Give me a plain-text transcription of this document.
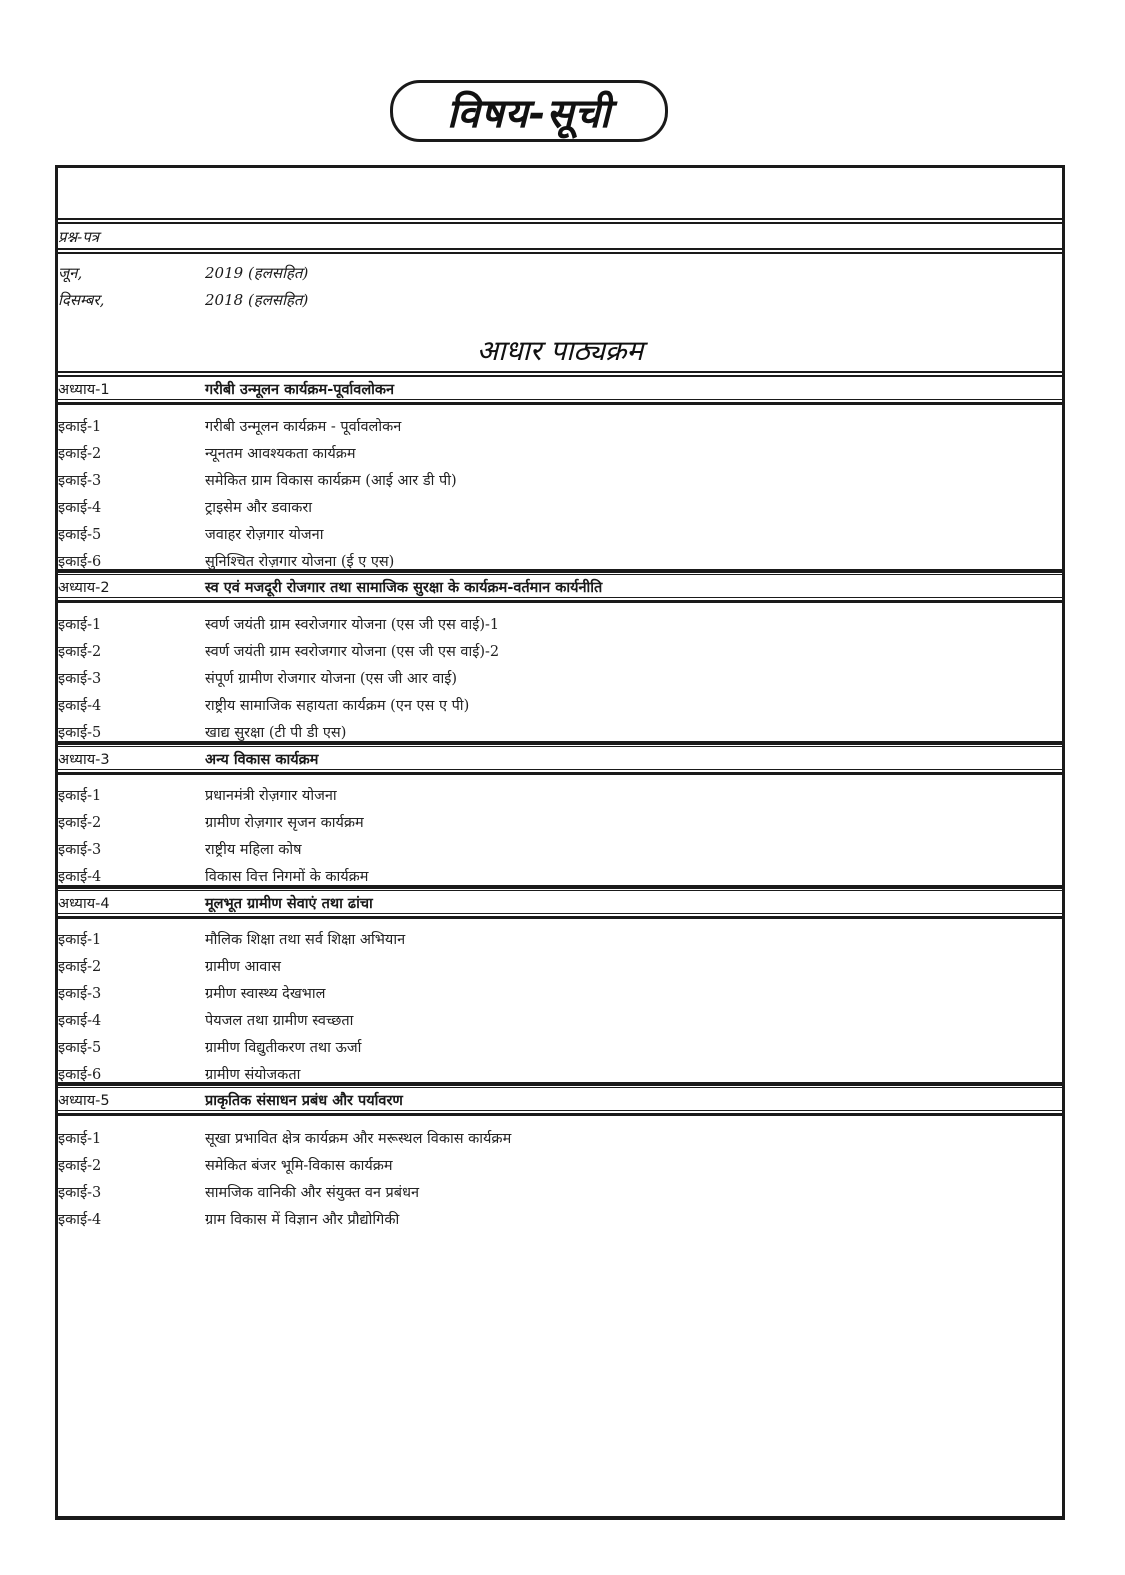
विषय-सूची
प्रश्न-पत्र
जून,	2019 (हलसहित)
दिसम्बर,	2018 (हलसहित)
आधार पाठ्यक्रम
अध्याय-1	गरीबी उन्मूलन कार्यक्रम-पूर्वावलोकन
इकाई-1	गरीबी उन्मूलन कार्यक्रम - पूर्वावलोकन
इकाई-2	न्यूनतम आवश्यकता कार्यक्रम
इकाई-3	समेकित ग्राम विकास कार्यक्रम (आई आर डी पी)
इकाई-4	ट्राइसेम और डवाकरा
इकाई-5	जवाहर रोज़गार योजना
इकाई-6	सुनिश्चित रोज़गार योजना (ई ए एस)
अध्याय-2	स्व एवं मजदूरी रोजगार तथा सामाजिक सुरक्षा के कार्यक्रम-वर्तमान कार्यनीति
इकाई-1	स्वर्ण जयंती ग्राम स्वरोजगार योजना (एस जी एस वाई)-1
इकाई-2	स्वर्ण जयंती ग्राम स्वरोजगार योजना (एस जी एस वाई)-2
इकाई-3	संपूर्ण ग्रामीण रोजगार योजना (एस जी आर वाई)
इकाई-4	राष्ट्रीय सामाजिक सहायता कार्यक्रम (एन एस ए पी)
इकाई-5	खाद्य सुरक्षा (टी पी डी एस)
अध्याय-3	अन्य विकास कार्यक्रम
इकाई-1	प्रधानमंत्री रोज़गार योजना
इकाई-2	ग्रामीण रोज़गार सृजन कार्यक्रम
इकाई-3	राष्ट्रीय महिला कोष
इकाई-4	विकास वित्त निगमों के कार्यक्रम
अध्याय-4	मूलभूत ग्रामीण सेवाएं तथा ढांचा
इकाई-1	मौलिक शिक्षा तथा सर्व शिक्षा अभियान
इकाई-2	ग्रामीण आवास
इकाई-3	ग्रमीण स्वास्थ्य देखभाल
इकाई-4	पेयजल तथा ग्रामीण स्वच्छता
इकाई-5	ग्रामीण विद्युतीकरण तथा ऊर्जा
इकाई-6	ग्रामीण संयोजकता
अध्याय-5	प्राकृतिक संसाधन प्रबंध और पर्यावरण
इकाई-1	सूखा प्रभावित क्षेत्र कार्यक्रम और मरूस्थल विकास कार्यक्रम
इकाई-2	समेकित बंजर भूमि-विकास कार्यक्रम
इकाई-3	सामजिक वानिकी और संयुक्त वन प्रबंधन
इकाई-4	ग्राम विकास में विज्ञान और प्रौद्योगिकी
